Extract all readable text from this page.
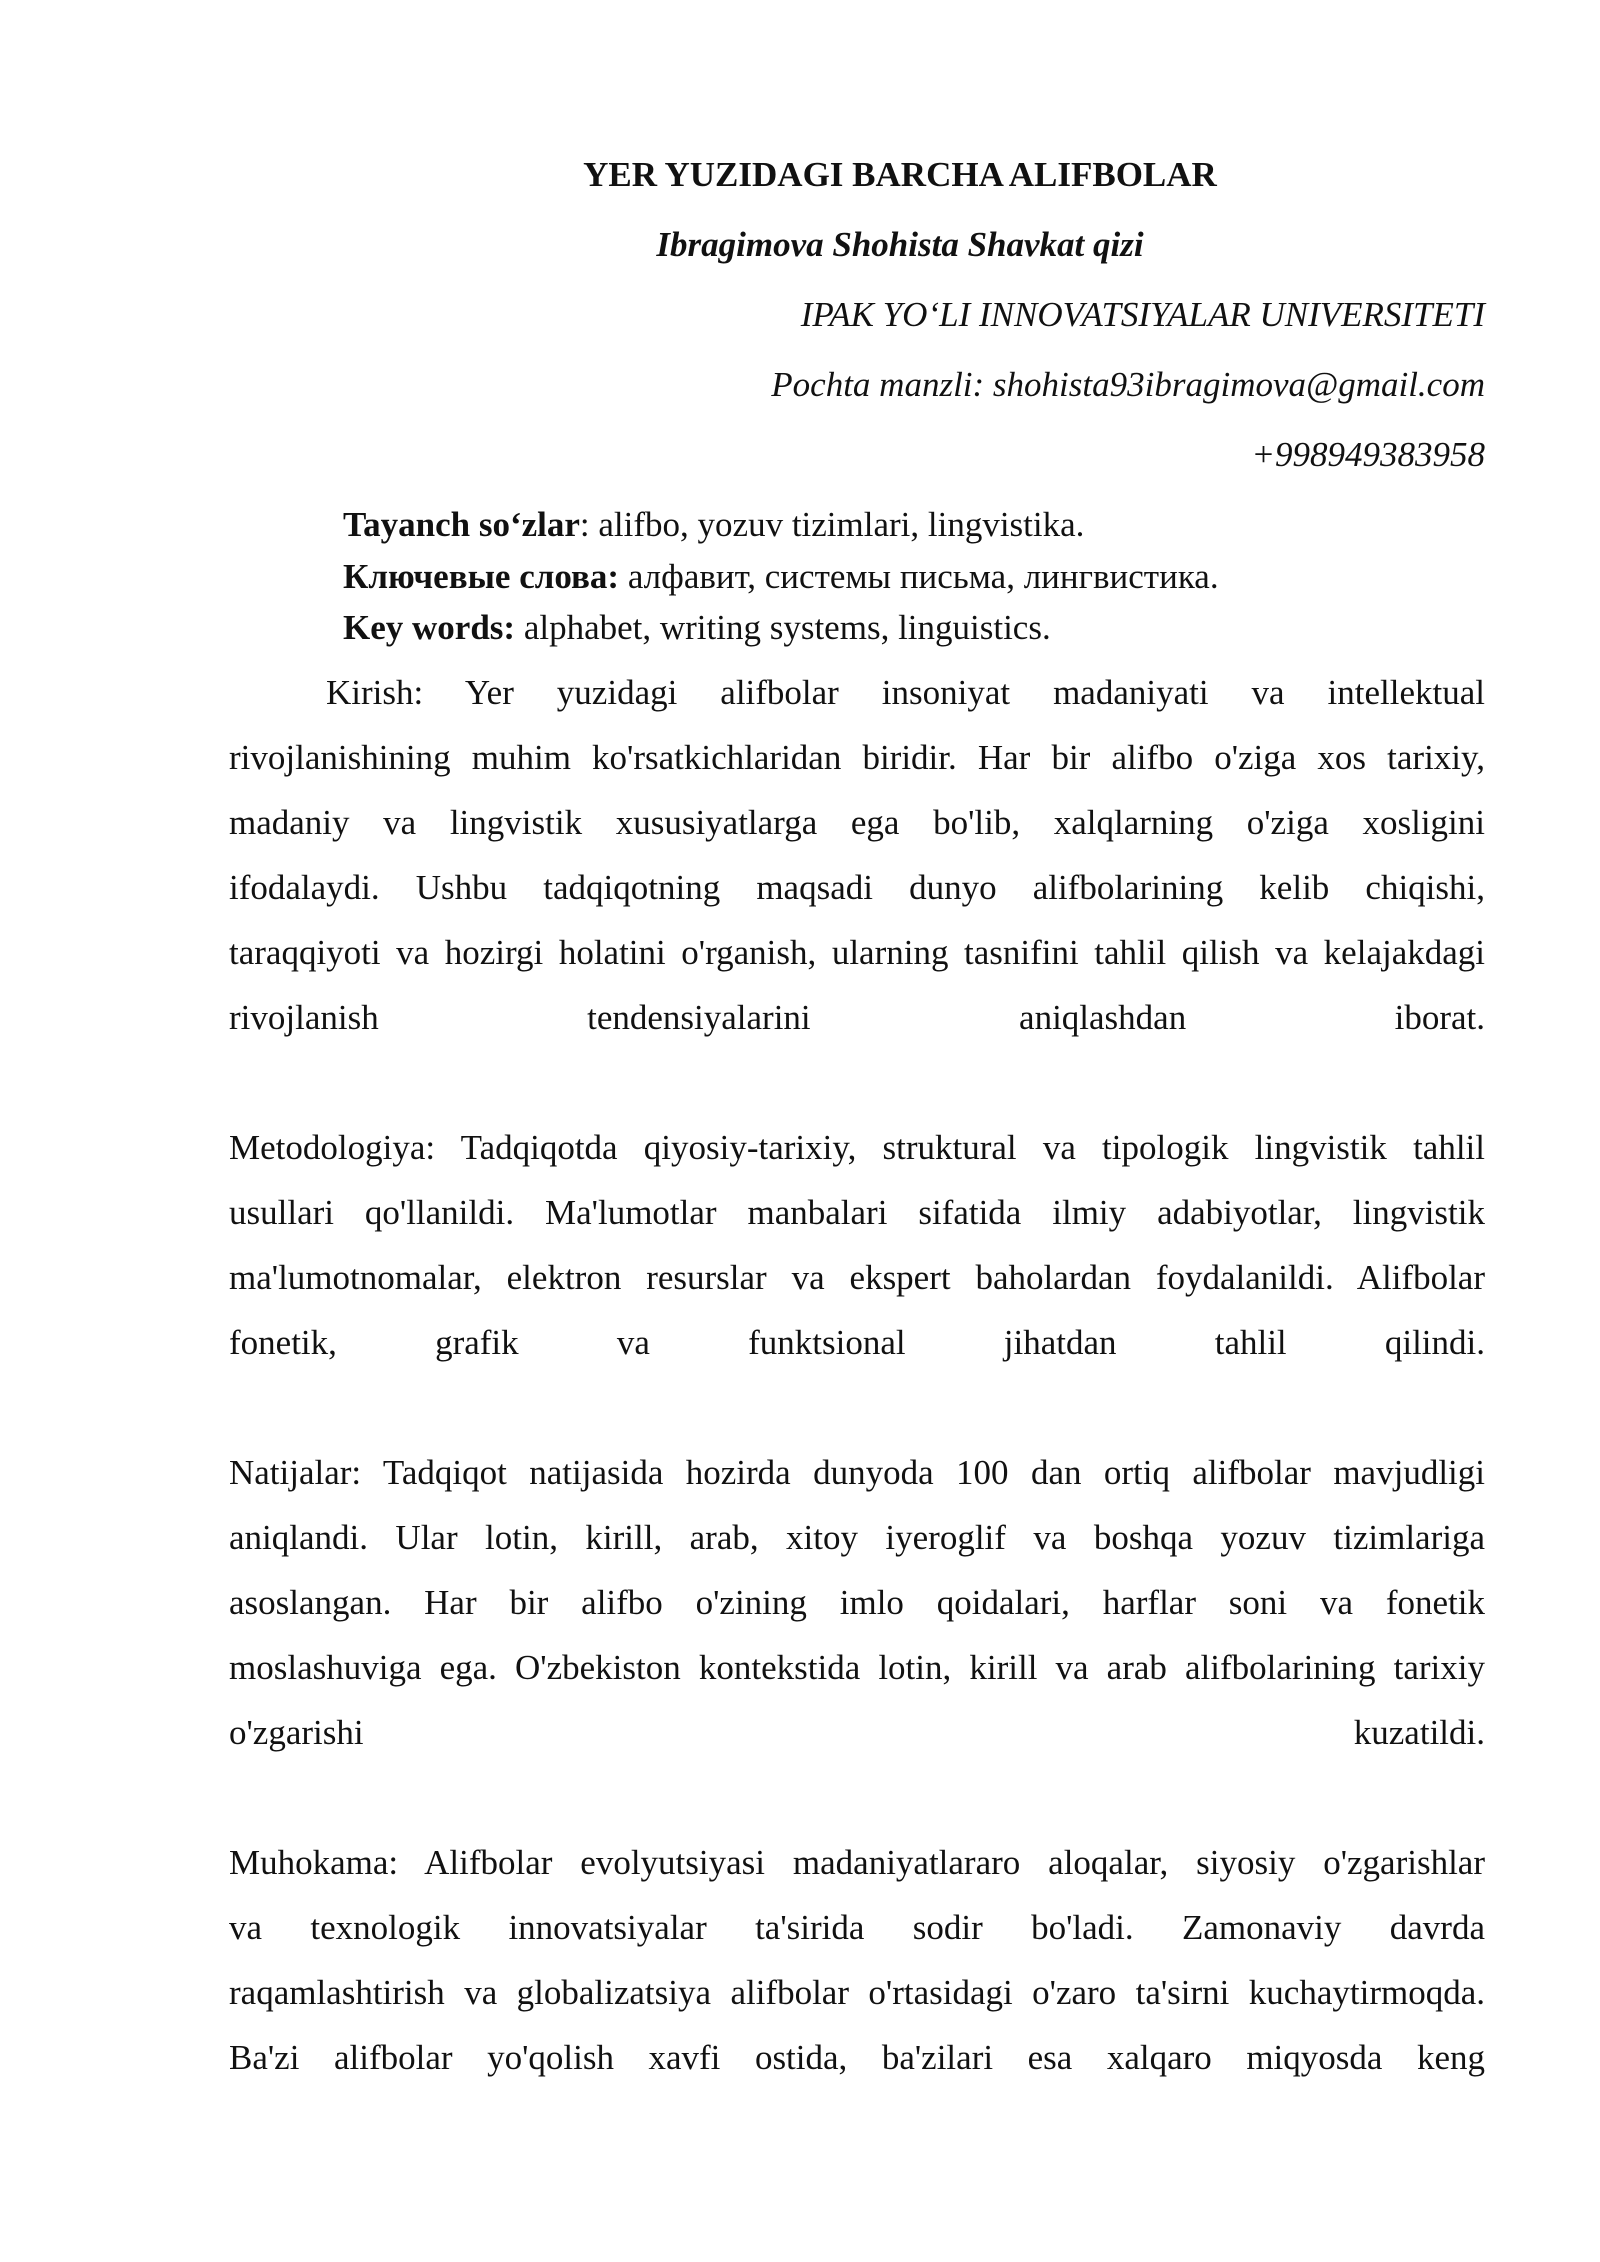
YER YUZIDAGI BARCHA ALIFBOLAR
Ibragimova Shohista Shavkat qizi
IPAK YO‘LI INNOVATSIYALAR UNIVERSITETI
Pochta manzli: shohista93ibragimova@gmail.com
+998949383958
Tayanch so‘zlar: alifbo, yozuv tizimlari, lingvistika.
Ключевые слова: алфавит, системы письма, лингвистика.
Key words: alphabet, writing systems, linguistics.
Kirish: Yer yuzidagi alifbolar insoniyat madaniyati va intellektual
rivojlanishining muhim ko'rsatkichlaridan biridir. Har bir alifbo o'ziga xos tarixiy,
madaniy va lingvistik xususiyatlarga ega bo'lib, xalqlarning o'ziga xosligini
ifodalaydi. Ushbu tadqiqotning maqsadi dunyo alifbolarining kelib chiqishi,
taraqqiyoti va hozirgi holatini o'rganish, ularning tasnifini tahlil qilish va kelajakdagi
rivojlanish tendensiyalarini aniqlashdan iborat.
Metodologiya: Tadqiqotda qiyosiy-tarixiy, struktural va tipologik lingvistik tahlil
usullari qo'llanildi. Ma'lumotlar manbalari sifatida ilmiy adabiyotlar, lingvistik
ma'lumotnomalar, elektron resurslar va ekspert baholardan foydalanildi. Alifbolar
fonetik, grafik va funktsional jihatdan tahlil qilindi.
Natijalar: Tadqiqot natijasida hozirda dunyoda 100 dan ortiq alifbolar mavjudligi
aniqlandi. Ular lotin, kirill, arab, xitoy iyeroglif va boshqa yozuv tizimlariga
asoslangan. Har bir alifbo o'zining imlo qoidalari, harflar soni va fonetik
moslashuviga ega. O'zbekiston kontekstida lotin, kirill va arab alifbolarining tarixiy
o'zgarishi kuzatildi.
Muhokama: Alifbolar evolyutsiyasi madaniyatlararo aloqalar, siyosiy o'zgarishlar
va texnologik innovatsiyalar ta'sirida sodir bo'ladi. Zamonaviy davrda
raqamlashtirish va globalizatsiya alifbolar o'rtasidagi o'zaro ta'sirni kuchaytirmoqda.
Ba'zi alifbolar yo'qolish xavfi ostida, ba'zilari esa xalqaro miqyosda keng
